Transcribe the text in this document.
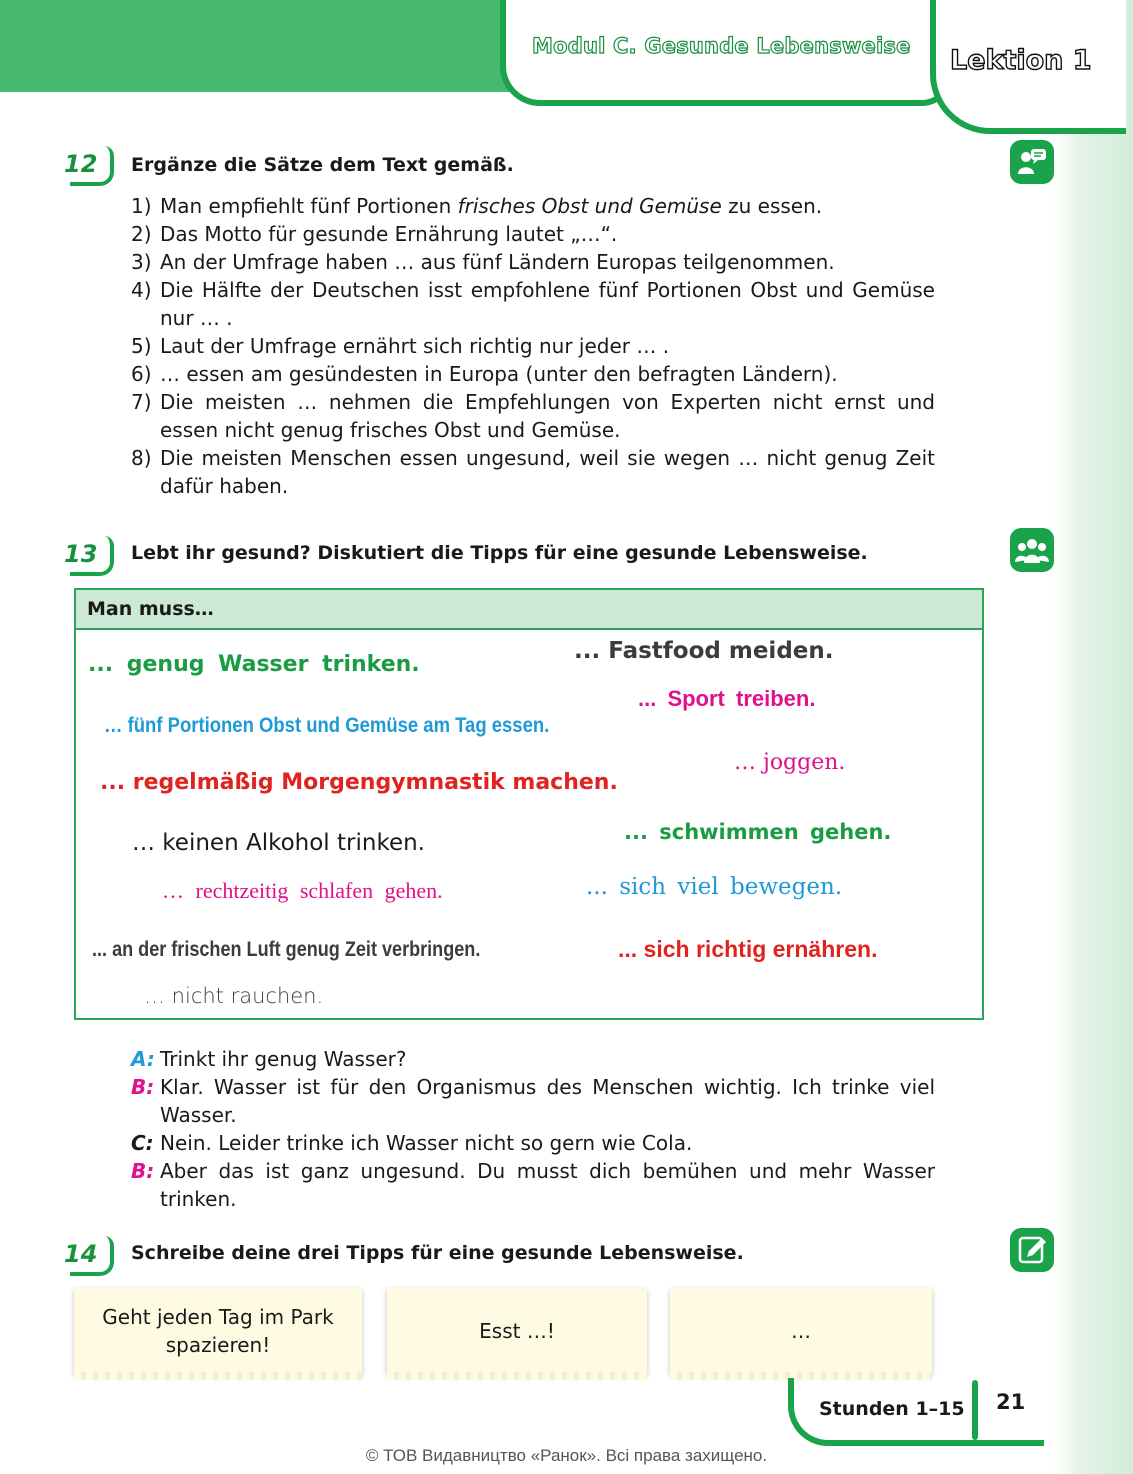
Modul C. Gesunde Lebensweise Lektion 1
12 Ergänze die Sätze dem Text gemäß.
1) Man empfiehlt fünf Portionen frisches Obst und Gemüse zu essen.
2) Das Motto für gesunde Ernährung lautet „…“.
3) An der Umfrage haben … aus fünf Ländern Europas teilgenommen.
4) Die Hälfte der Deutschen isst empfohlene fünf Portionen Obst und Gemüse nur … .
5) Laut der Umfrage ernährt sich richtig nur jeder … .
6) … essen am gesündesten in Europa (unter den befragten Ländern).
7) Die meisten … nehmen die Empfehlungen von Experten nicht ernst und essen nicht genug frisches Obst und Gemüse.
8) Die meisten Menschen essen ungesund, weil sie wegen … nicht genug Zeit dafür haben.
13 Lebt ihr gesund? Diskutiert die Tipps für eine gesunde Lebensweise.
Man muss…
... genug Wasser trinken.
... Fastfood meiden.
... Sport treiben.
… fünf Portionen Obst und Gemüse am Tag essen.
… joggen.
... regelmäßig Morgengymnastik machen.
… keinen Alkohol trinken.	... schwimmen gehen.
… rechtzeitig schlafen gehen.	... sich viel bewegen.
... an der frischen Luft genug Zeit verbringen.	... sich richtig ernähren.
… nicht rauchen.
A: Trinkt ihr genug Wasser?
B: Klar. Wasser ist für den Organismus des Menschen wichtig. Ich trinke viel Wasser.
C: Nein. Leider trinke ich Wasser nicht so gern wie Cola.
B: Aber das ist ganz ungesund. Du musst dich bemühen und mehr Wasser trinken.
14 Schreibe deine drei Tipps für eine gesunde Lebensweise.
Geht jeden Tag im Park spazieren!
Esst …!	…
Stunden 1–15 21
© ТОВ Видавництво «Ранок». Всі права захищено.
